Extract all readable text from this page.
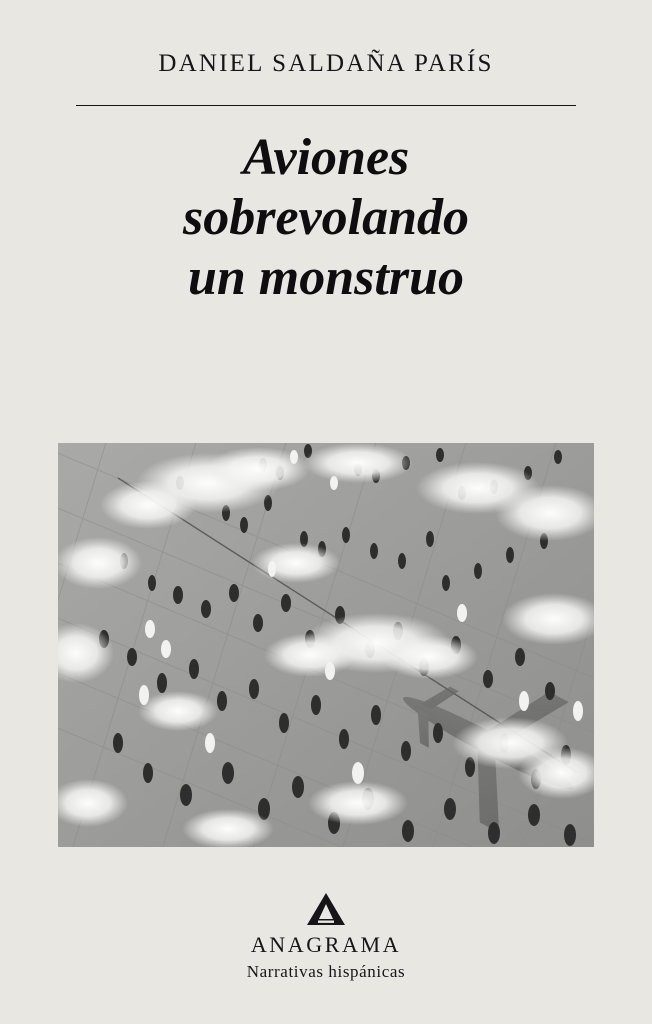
DANIEL SALDAÑA PARÍS
Aviones
sobrevolando
un monstruo
ANAGRAMA
Narrativas hispánicas
